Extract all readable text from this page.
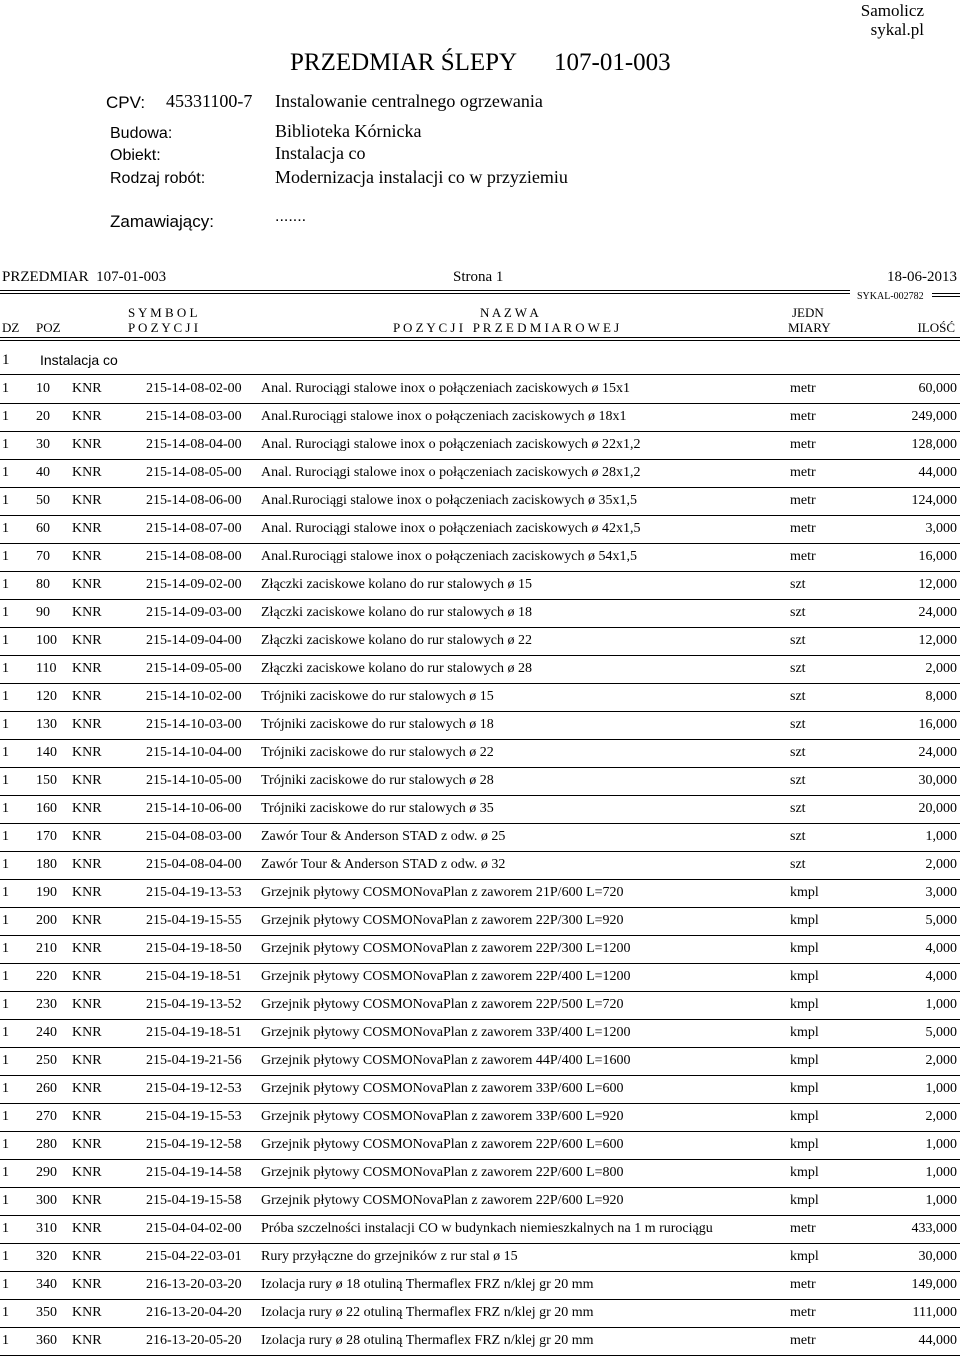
Samolicz
sykal.pl
PRZEDMIAR ŚLEPY 107-01-003
CPV: 45331100-7 Instalowanie centralnego ogrzewania
Budowa:	Biblioteka Kórnicka
Obiekt:	Instalacja co
Rodzaj robót:	Modernizacja instalacji co w przyziemiu
Zamawiający:	.......
PRZEDMIAR  107-01-003	Strona 1	18-06-2013
SYKAL-002782
S Y M B O L	N A Z W A	JEDN
DZ POZ	P O Z Y C J I	P O Z Y C J I   P R Z E D M I A R O W E J	MIARY	ILOŚĆ
1 Instalacja co
1 10 KNR	215-14-08-02-00 Anal. Rurociągi stalowe inox o połączeniach zaciskowych ø 15x1	metr	60,000
1 20 KNR	215-14-08-03-00 Anal.Rurociągi stalowe inox o połączeniach zaciskowych ø 18x1	metr	249,000
1 30 KNR	215-14-08-04-00 Anal. Rurociągi stalowe inox o połączeniach zaciskowych ø 22x1,2	metr	128,000
1 40 KNR	215-14-08-05-00 Anal. Rurociągi stalowe inox o połączeniach zaciskowych ø 28x1,2	metr	44,000
1 50 KNR	215-14-08-06-00 Anal.Rurociągi stalowe inox o połączeniach zaciskowych ø 35x1,5	metr	124,000
1 60 KNR	215-14-08-07-00 Anal. Rurociągi stalowe inox o połączeniach zaciskowych ø 42x1,5	metr	3,000
1 70 KNR	215-14-08-08-00 Anal.Rurociągi stalowe inox o połączeniach zaciskowych ø 54x1,5	metr	16,000
1 80 KNR	215-14-09-02-00 Złączki zaciskowe kolano do rur stalowych ø 15	szt	12,000
1 90 KNR	215-14-09-03-00 Złączki zaciskowe kolano do rur stalowych ø 18	szt	24,000
1 100 KNR	215-14-09-04-00 Złączki zaciskowe kolano do rur stalowych ø 22	szt	12,000
1 110 KNR	215-14-09-05-00 Złączki zaciskowe kolano do rur stalowych ø 28	szt	2,000
1 120 KNR	215-14-10-02-00 Trójniki zaciskowe do rur stalowych ø 15	szt	8,000
1 130 KNR	215-14-10-03-00 Trójniki zaciskowe do rur stalowych ø 18	szt	16,000
1 140 KNR	215-14-10-04-00 Trójniki zaciskowe do rur stalowych ø 22	szt	24,000
1 150 KNR	215-14-10-05-00 Trójniki zaciskowe do rur stalowych ø 28	szt	30,000
1 160 KNR	215-14-10-06-00 Trójniki zaciskowe do rur stalowych ø 35	szt	20,000
1 170 KNR	215-04-08-03-00 Zawór Tour & Anderson STAD z odw. ø 25	szt	1,000
1 180 KNR	215-04-08-04-00 Zawór Tour & Anderson STAD z odw. ø 32	szt	2,000
1 190 KNR	215-04-19-13-53 Grzejnik płytowy COSMONovaPlan z zaworem 21P/600 L=720	kmpl	3,000
1 200 KNR	215-04-19-15-55 Grzejnik płytowy COSMONovaPlan z zaworem 22P/300 L=920	kmpl	5,000
1 210 KNR	215-04-19-18-50 Grzejnik płytowy COSMONovaPlan z zaworem 22P/300 L=1200	kmpl	4,000
1 220 KNR	215-04-19-18-51 Grzejnik płytowy COSMONovaPlan z zaworem 22P/400 L=1200	kmpl	4,000
1 230 KNR	215-04-19-13-52 Grzejnik płytowy COSMONovaPlan z zaworem 22P/500 L=720	kmpl	1,000
1 240 KNR	215-04-19-18-51 Grzejnik płytowy COSMONovaPlan z zaworem 33P/400 L=1200	kmpl	5,000
1 250 KNR	215-04-19-21-56 Grzejnik płytowy COSMONovaPlan z zaworem 44P/400 L=1600	kmpl	2,000
1 260 KNR	215-04-19-12-53 Grzejnik płytowy COSMONovaPlan z zaworem 33P/600 L=600	kmpl	1,000
1 270 KNR	215-04-19-15-53 Grzejnik płytowy COSMONovaPlan z zaworem 33P/600 L=920	kmpl	2,000
1 280 KNR	215-04-19-12-58 Grzejnik płytowy COSMONovaPlan z zaworem 22P/600 L=600	kmpl	1,000
1 290 KNR	215-04-19-14-58 Grzejnik płytowy COSMONovaPlan z zaworem 22P/600 L=800	kmpl	1,000
1 300 KNR	215-04-19-15-58 Grzejnik płytowy COSMONovaPlan z zaworem 22P/600 L=920	kmpl	1,000
1 310 KNR	215-04-04-02-00 Próba szczelności instalacji CO w budynkach niemieszkalnych na 1 m rurociągu	metr	433,000
1 320 KNR	215-04-22-03-01 Rury przyłączne do grzejników z rur stal ø 15	kmpl	30,000
1 340 KNR	216-13-20-03-20 Izolacja rury ø 18 otuliną Thermaflex FRZ n/klej gr 20 mm	metr	149,000
1 350 KNR	216-13-20-04-20 Izolacja rury ø 22 otuliną Thermaflex FRZ n/klej gr 20 mm	metr	111,000
1 360 KNR	216-13-20-05-20 Izolacja rury ø 28 otuliną Thermaflex FRZ n/klej gr 20 mm	metr	44,000
